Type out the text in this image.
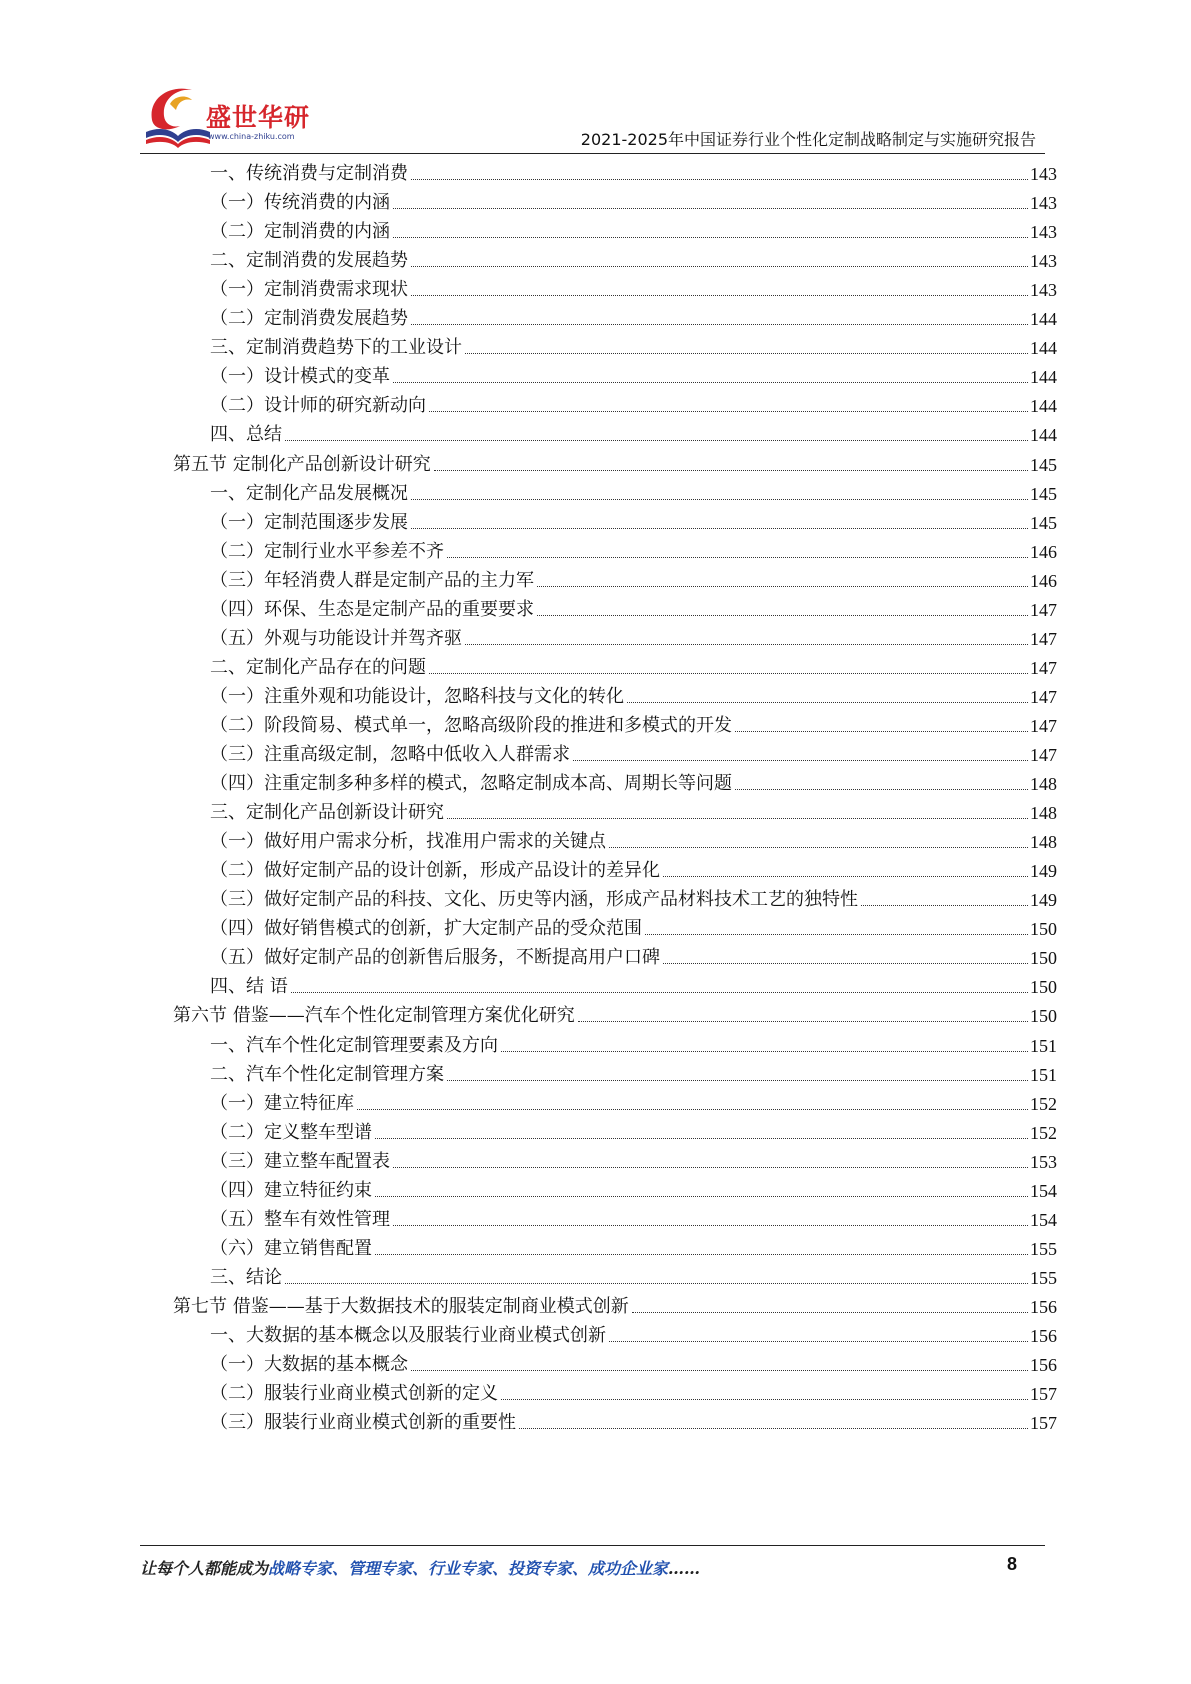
盛世华研
www.china-zhiku.com	2021-2025年中国证券行业个性化定制战略制定与实施研究报告
一、传统消费与定制消费	143
（一）传统消费的内涵	143
（二）定制消费的内涵	143
二、定制消费的发展趋势	143
（一）定制消费需求现状	143
（二）定制消费发展趋势	144
三、定制消费趋势下的工业设计	144
（一）设计模式的变革	144
（二）设计师的研究新动向	144
四、总结	144
第五节 定制化产品创新设计研究	145
一、定制化产品发展概况	145
（一）定制范围逐步发展	145
（二）定制行业水平参差不齐	146
（三）年轻消费人群是定制产品的主力军	146
（四）环保、生态是定制产品的重要要求	147
（五）外观与功能设计并驾齐驱	147
二、定制化产品存在的问题	147
（一）注重外观和功能设计，忽略科技与文化的转化	147
（二）阶段简易、模式单一，忽略高级阶段的推进和多模式的开发	147
（三）注重高级定制，忽略中低收入人群需求	147
（四）注重定制多种多样的模式，忽略定制成本高、周期长等问题	148
三、定制化产品创新设计研究	148
（一）做好用户需求分析，找准用户需求的关键点	148
（二）做好定制产品的设计创新，形成产品设计的差异化	149
（三）做好定制产品的科技、文化、历史等内涵，形成产品材料技术工艺的独特性	149
（四）做好销售模式的创新，扩大定制产品的受众范围	150
（五）做好定制产品的创新售后服务，不断提高用户口碑	150
四、结 语	150
第六节 借鉴——汽车个性化定制管理方案优化研究	150
一、汽车个性化定制管理要素及方向	151
二、汽车个性化定制管理方案	151
（一）建立特征库	152
（二）定义整车型谱	152
（三）建立整车配置表	153
（四）建立特征约束	154
（五）整车有效性管理	154
（六）建立销售配置	155
三、结论	155
第七节 借鉴——基于大数据技术的服装定制商业模式创新	156
一、大数据的基本概念以及服装行业商业模式创新	156
（一）大数据的基本概念	156
（二）服装行业商业模式创新的定义	157
（三）服装行业商业模式创新的重要性	157
让每个人都能成为战略专家、管理专家、行业专家、投资专家、成功企业家……	8
